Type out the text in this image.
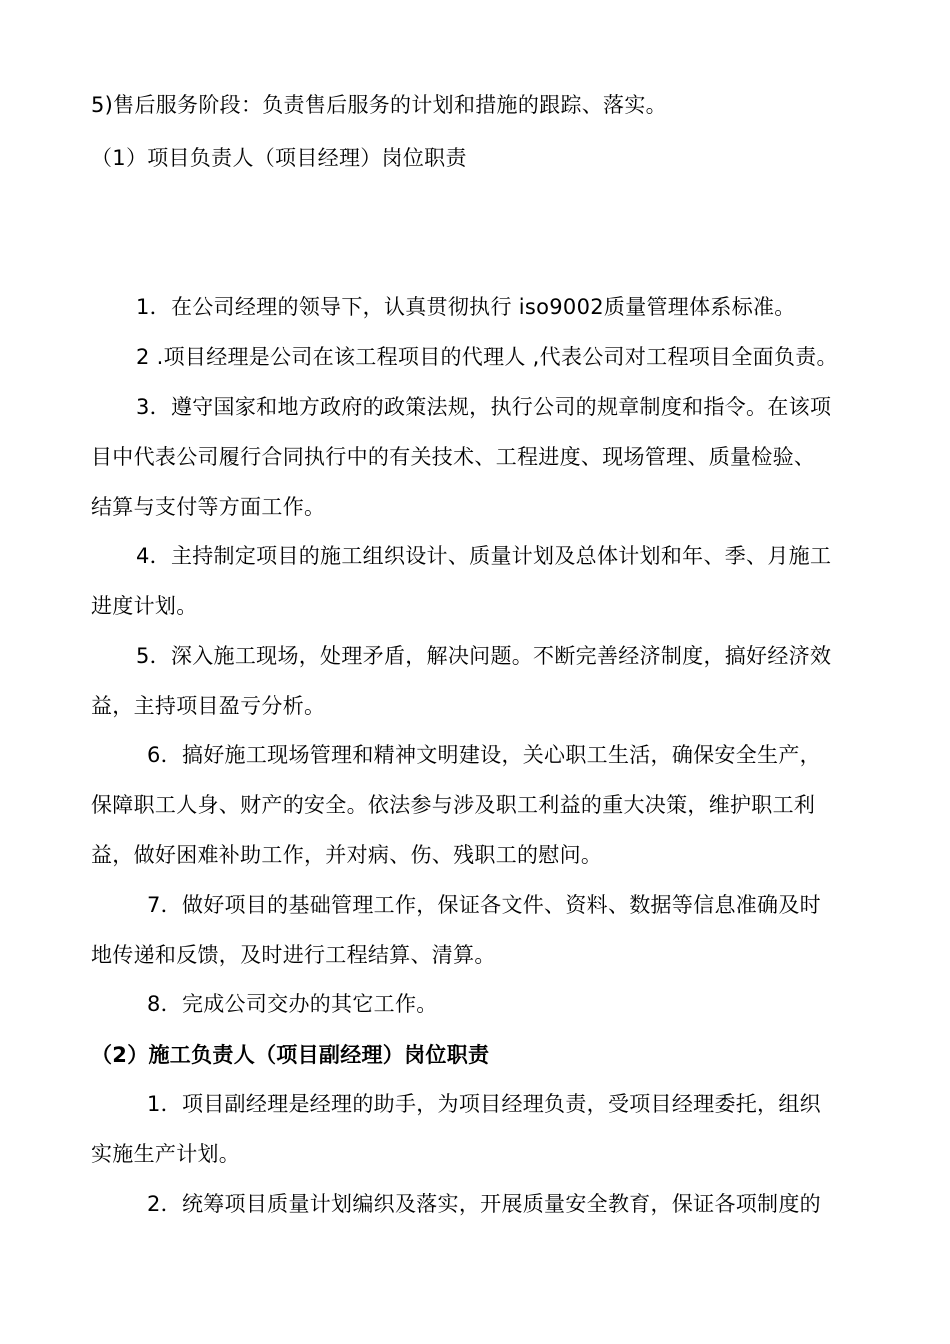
5)售后服务阶段：负责售后服务的计划和措施的跟踪、落实。

（1）项目负责人（项目经理）岗位职责

1．在公司经理的领导下，认真贯彻执行 iso9002质量管理体系标准。

2 .项目经理是公司在该工程项目的代理人 ,代表公司对工程项目全面负责。

3．遵守国家和地方政府的政策法规，执行公司的规章制度和指令。在该项

目中代表公司履行合同执行中的有关技术、工程进度、现场管理、质量检验、

结算与支付等方面工作。

4．主持制定项目的施工组织设计、质量计划及总体计划和年、季、月施工

进度计划。

5．深入施工现场，处理矛盾，解决问题。不断完善经济制度，搞好经济效

益，主持项目盈亏分析。

6．搞好施工现场管理和精神文明建设，关心职工生活，确保安全生产，

保障职工人身、财产的安全。依法参与涉及职工利益的重大决策，维护职工利

益，做好困难补助工作，并对病、伤、残职工的慰问。

7．做好项目的基础管理工作，保证各文件、资料、数据等信息准确及时

地传递和反馈，及时进行工程结算、清算。

8．完成公司交办的其它工作。

（2）施工负责人（项目副经理）岗位职责

1．项目副经理是经理的助手，为项目经理负责，受项目经理委托，组织

实施生产计划。

2．统筹项目质量计划编织及落实，开展质量安全教育，保证各项制度的
